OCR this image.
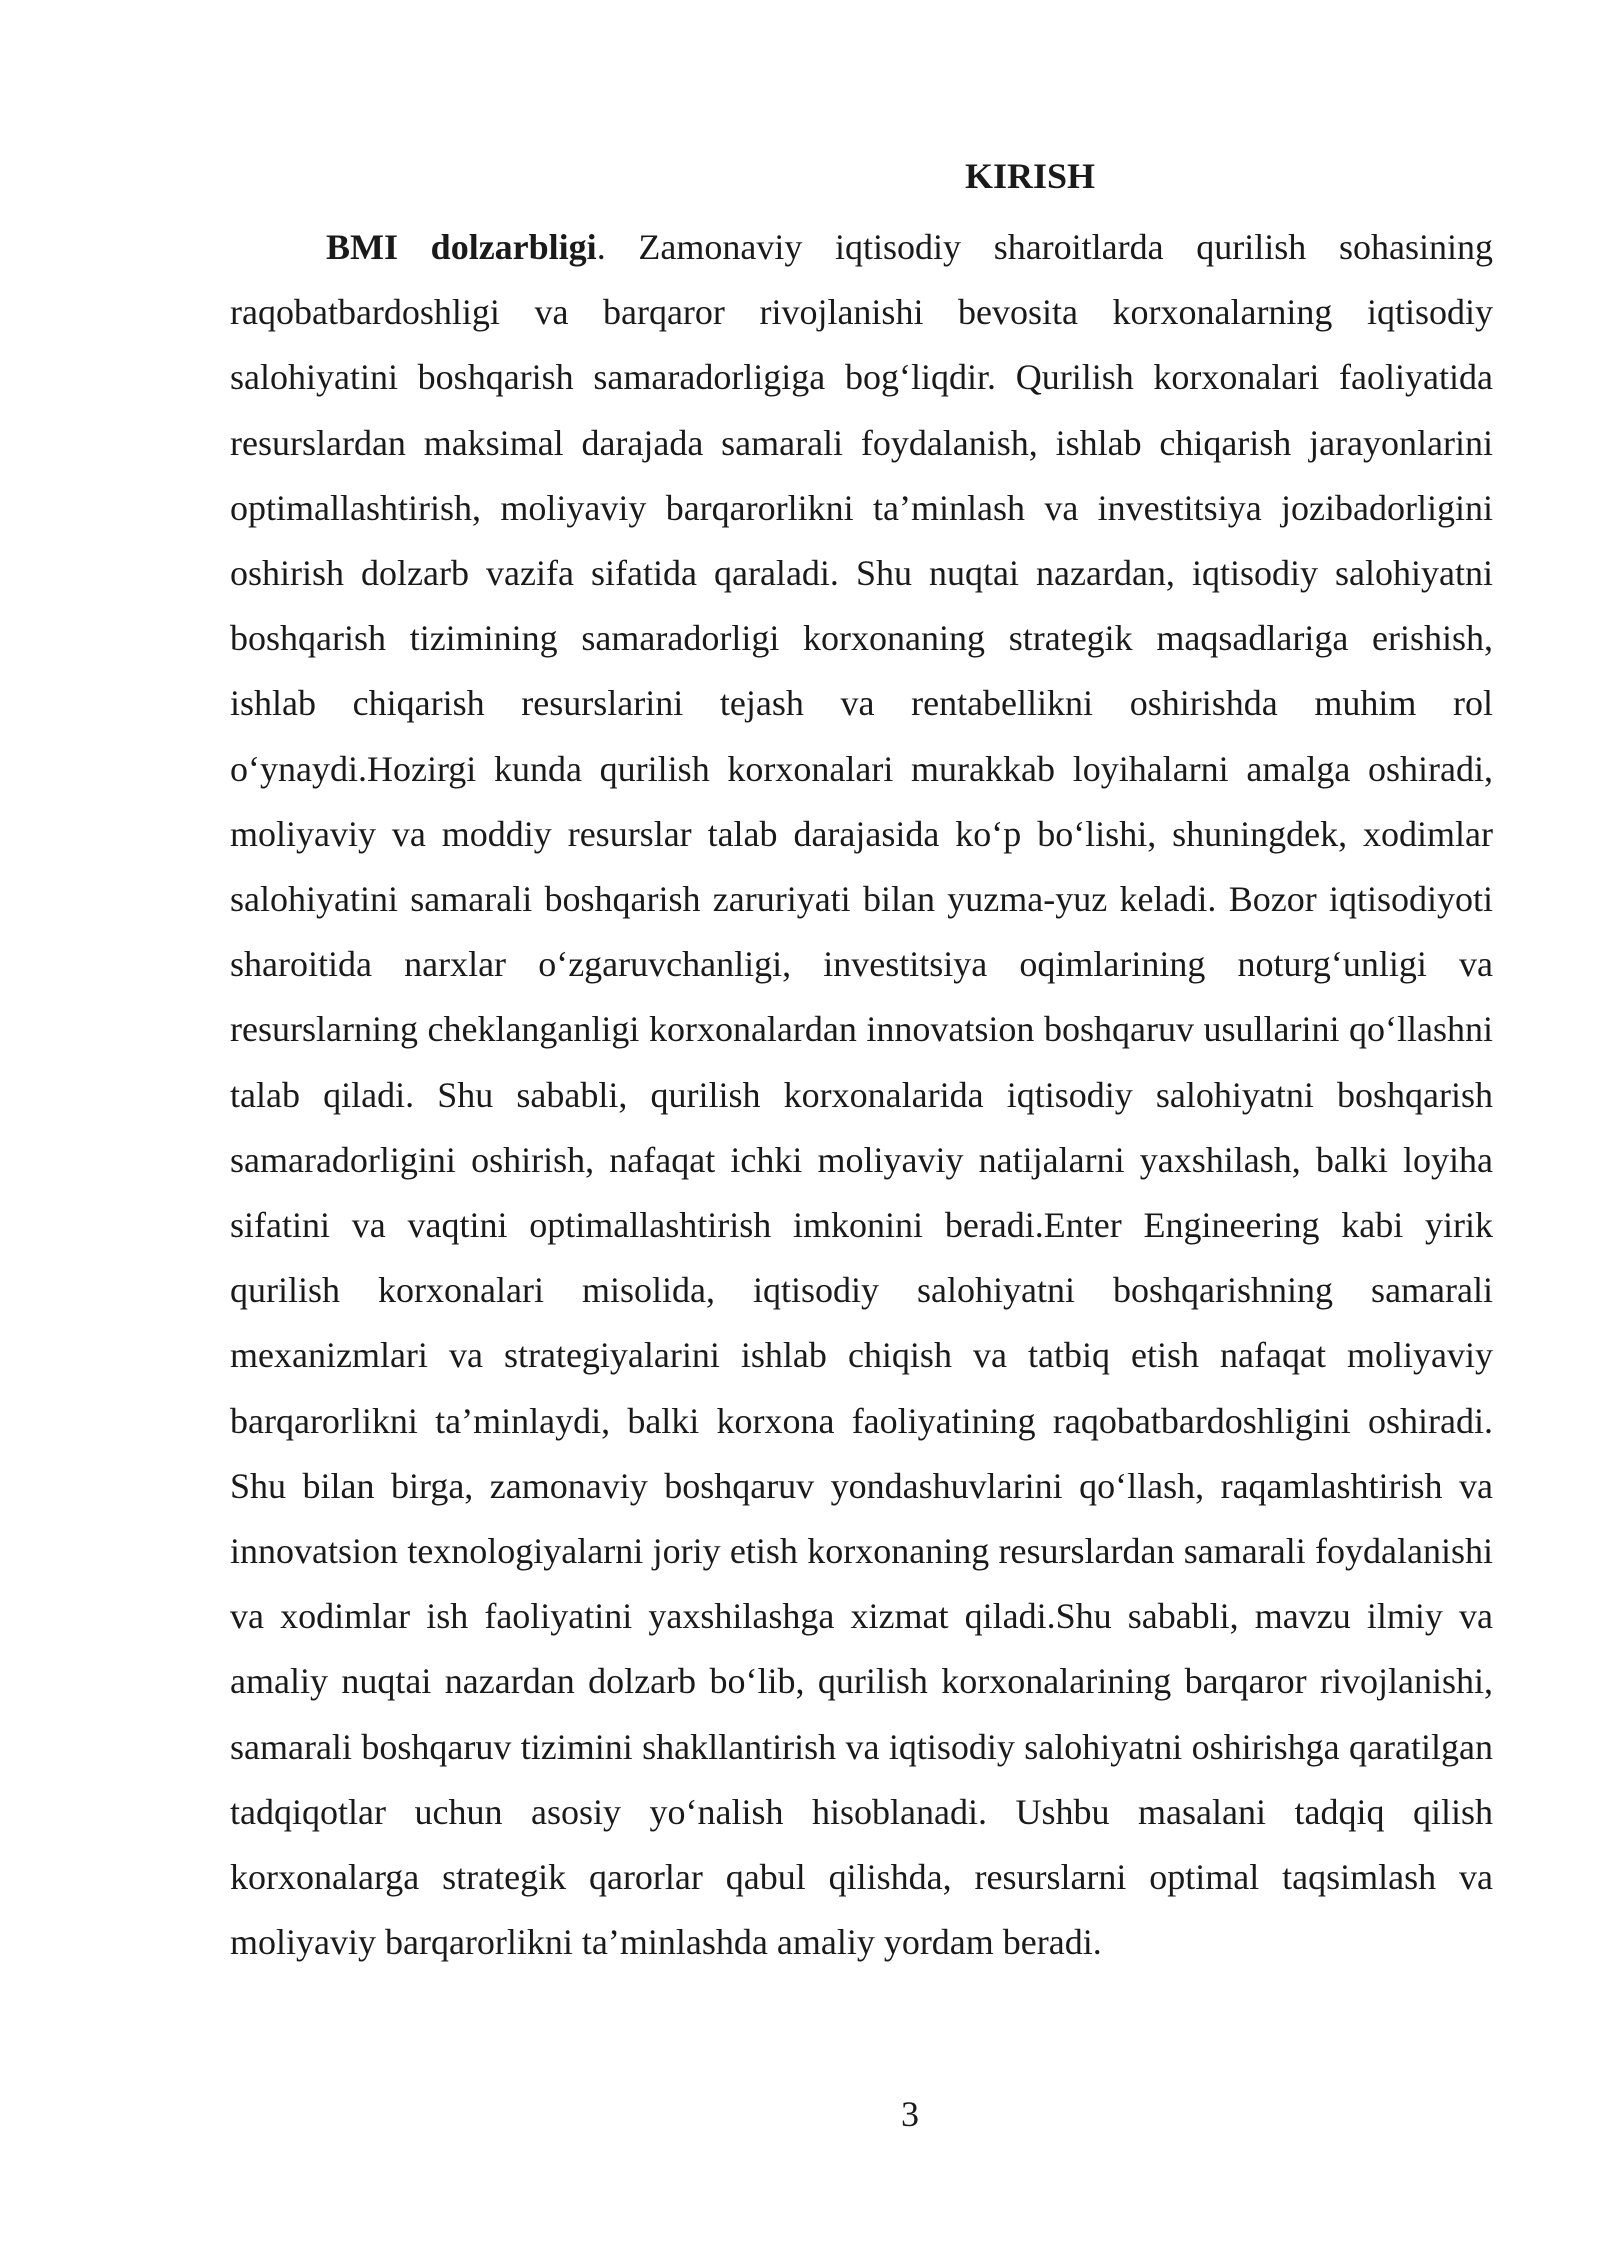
KIRISH

BMI dolzarbligi. Zamonaviy iqtisodiy sharoitlarda qurilish sohasining raqobatbardoshligi va barqaror rivojlanishi bevosita korxonalarning iqtisodiy salohiyatini boshqarish samaradorligiga bog‘liqdir. Qurilish korxonalari faoliyatida resurslardan maksimal darajada samarali foydalanish, ishlab chiqarish jarayonlarini optimallashtirish, moliyaviy barqarorlikni ta’minlash va investitsiya jozibadorligini oshirish dolzarb vazifa sifatida qaraladi. Shu nuqtai nazardan, iqtisodiy salohiyatni boshqarish tizimining samaradorligi korxonaning strategik maqsadlariga erishish, ishlab chiqarish resurslarini tejash va rentabellikni oshirishda muhim rol o‘ynaydi.Hozirgi kunda qurilish korxonalari murakkab loyihalarni amalga oshiradi, moliyaviy va moddiy resurslar talab darajasida ko‘p bo‘lishi, shuningdek, xodimlar salohiyatini samarali boshqarish zaruriyati bilan yuzma-yuz keladi. Bozor iqtisodiyoti sharoitida narxlar o‘zgaruvchanligi, investitsiya oqimlarining noturg‘unligi va resurslarning cheklanganligi korxonalardan innovatsion boshqaruv usullarini qo‘llashni talab qiladi. Shu sababli, qurilish korxonalarida iqtisodiy salohiyatni boshqarish samaradorligini oshirish, nafaqat ichki moliyaviy natijalarni yaxshilash, balki loyiha sifatini va vaqtini optimallashtirish imkonini beradi.Enter Engineering kabi yirik qurilish korxonalari misolida, iqtisodiy salohiyatni boshqarishning samarali mexanizmlari va strategiyalarini ishlab chiqish va tatbiq etish nafaqat moliyaviy barqarorlikni ta’minlaydi, balki korxona faoliyatining raqobatbardoshligini oshiradi. Shu bilan birga, zamonaviy boshqaruv yondashuvlarini qo‘llash, raqamlashtirish va innovatsion texnologiyalarni joriy etish korxonaning resurslardan samarali foydalanishi va xodimlar ish faoliyatini yaxshilashga xizmat qiladi.Shu sababli, mavzu ilmiy va amaliy nuqtai nazardan dolzarb bo‘lib, qurilish korxonalarining barqaror rivojlanishi, samarali boshqaruv tizimini shakllantirish va iqtisodiy salohiyatni oshirishga qaratilgan tadqiqotlar uchun asosiy yo‘nalish hisoblanadi. Ushbu masalani tadqiq qilish korxonalarga strategik qarorlar qabul qilishda, resurslarni optimal taqsimlash va moliyaviy barqarorlikni ta’minlashda amaliy yordam beradi.

3
